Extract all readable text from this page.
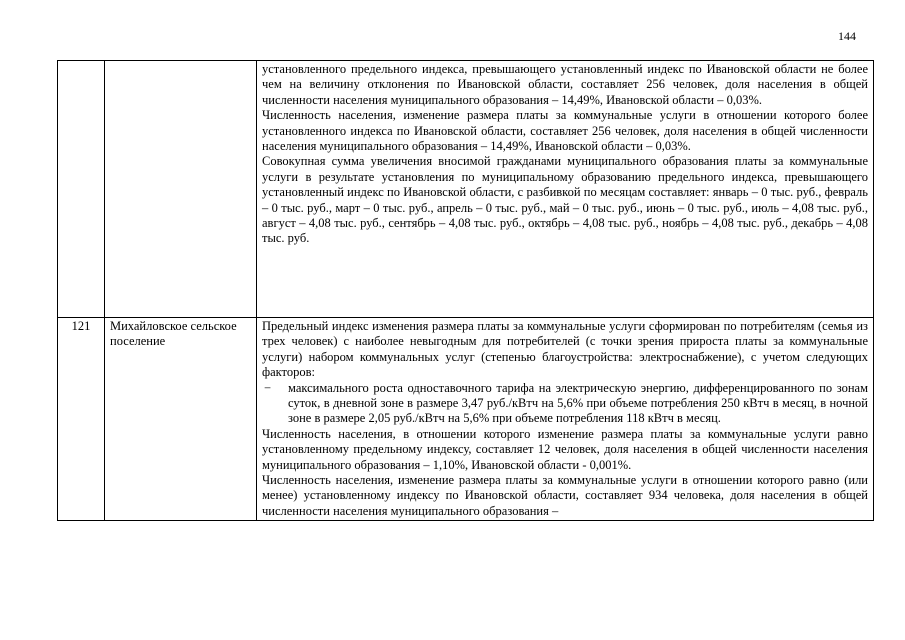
144

		установленного предельного индекса, превышающего установленный индекс по Ивановской области не более чем на величину отклонения по Ивановской области, составляет 256 человек, доля населения в общей численности населения муниципального образования – 14,49%, Ивановской области – 0,03%.

Численность населения, изменение размера платы за коммунальные услуги в отношении которого более установленного индекса по Ивановской области, составляет 256 человек, доля населения в общей численности населения муниципального образования – 14,49%, Ивановской области – 0,03%.

Совокупная сумма увеличения вносимой гражданами муниципального образования платы за коммунальные услуги в результате установления по муниципальному образованию предельного индекса, превышающего установленный индекс по Ивановской области, с разбивкой по месяцам составляет: январь – 0 тыс. руб., февраль – 0 тыс. руб., март – 0 тыс. руб., апрель – 0 тыс. руб., май – 0 тыс. руб., июнь – 0 тыс. руб., июль – 4,08 тыс. руб., август – 4,08 тыс. руб., сентябрь – 4,08 тыс. руб., октябрь – 4,08 тыс. руб., ноябрь – 4,08 тыс. руб., декабрь – 4,08 тыс. руб.

121	Михайловское сельское поселение	Предельный индекс изменения размера платы за коммунальные услуги сформирован по потребителям (семья из трех человек) с наиболее невыгодным для потребителей (с точки зрения прироста платы за коммунальные услуги) набором коммунальных услуг (степенью благоустройства: электроснабжение), с учетом следующих факторов:

− максимального роста одноставочного тарифа на электрическую энергию, дифференцированного по зонам суток, в дневной зоне в размере 3,47 руб./кВтч на 5,6% при объеме потребления 250 кВтч в месяц, в ночной зоне в размере 2,05 руб./кВтч на 5,6% при объеме потребления 118 кВтч в месяц.

Численность населения, в отношении которого изменение размера платы за коммунальные услуги равно установленному предельному индексу, составляет 12 человек, доля населения в общей численности населения муниципального образования – 1,10%, Ивановской области - 0,001%.

Численность населения, изменение размера платы за коммунальные услуги в отношении которого равно (или менее) установленному индексу по Ивановской области, составляет 934 человека, доля населения в общей численности населения муниципального образования –
